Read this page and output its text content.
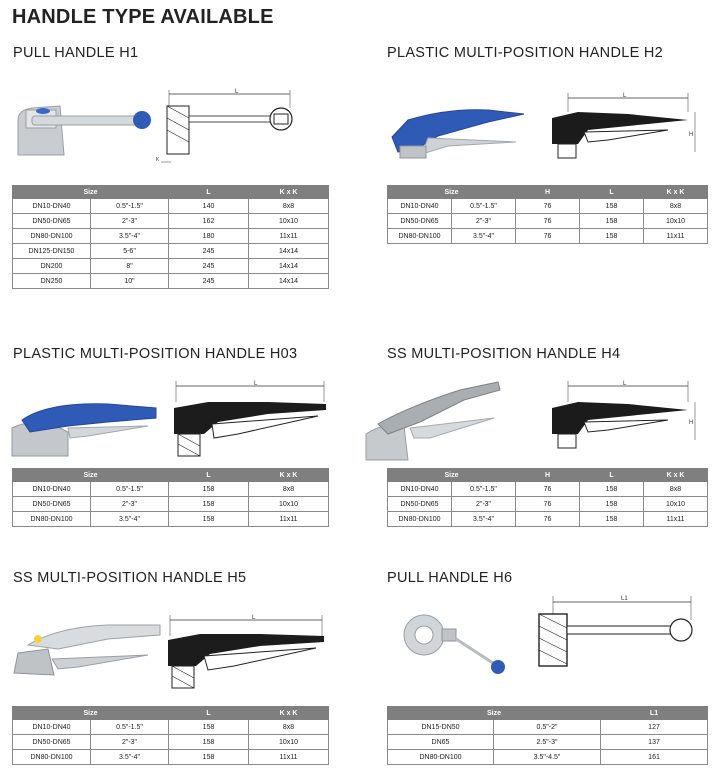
HANDLE TYPE AVAILABLE
PULL HANDLE H1
L
K
Size		L	K x K
DN10-DN40	0.5"-1.5"	140	8x8
DN50-DN65	2"-3"	162	10x10
DN80-DN100	3.5"-4"	180	11x11
DN125-DN150	5-6"	245	14x14
DN200	8"	245	14x14
DN250	10"	245	14x14
PLASTIC MULTI-POSITION HANDLE H2
L
H
Size		H	L	K x K
DN10-DN40	0.5"-1.5"	76	158	8x8
DN50-DN65	2"-3"	76	158	10x10
DN80-DN100	3.5"-4"	76	158	11x11
PLASTIC MULTI-POSITION HANDLE H03
L
Size		L	K x K
DN10-DN40	0.5"-1.5"	158	8x8
DN50-DN65	2"-3"	158	10x10
DN80-DN100	3.5"-4"	158	11x11
SS MULTI-POSITION HANDLE H4
L
H
Size		H	L	K x K
DN10-DN40	0.5"-1.5"	76	158	8x8
DN50-DN65	2"-3"	76	158	10x10
DN80-DN100	3.5"-4"	76	158	11x11
SS MULTI-POSITION HANDLE H5
L
Size		L	K x K
DN10-DN40	0.5"-1.5"	158	8x8
DN50-DN65	2"-3"	158	10x10
DN80-DN100	3.5"-4"	158	11x11
PULL HANDLE H6
L1
Size		L1
DN15-DN50	0.5"-2"	127
DN65	2.5"-3"	137
DN80-DN100	3.5"-4.5"	161
